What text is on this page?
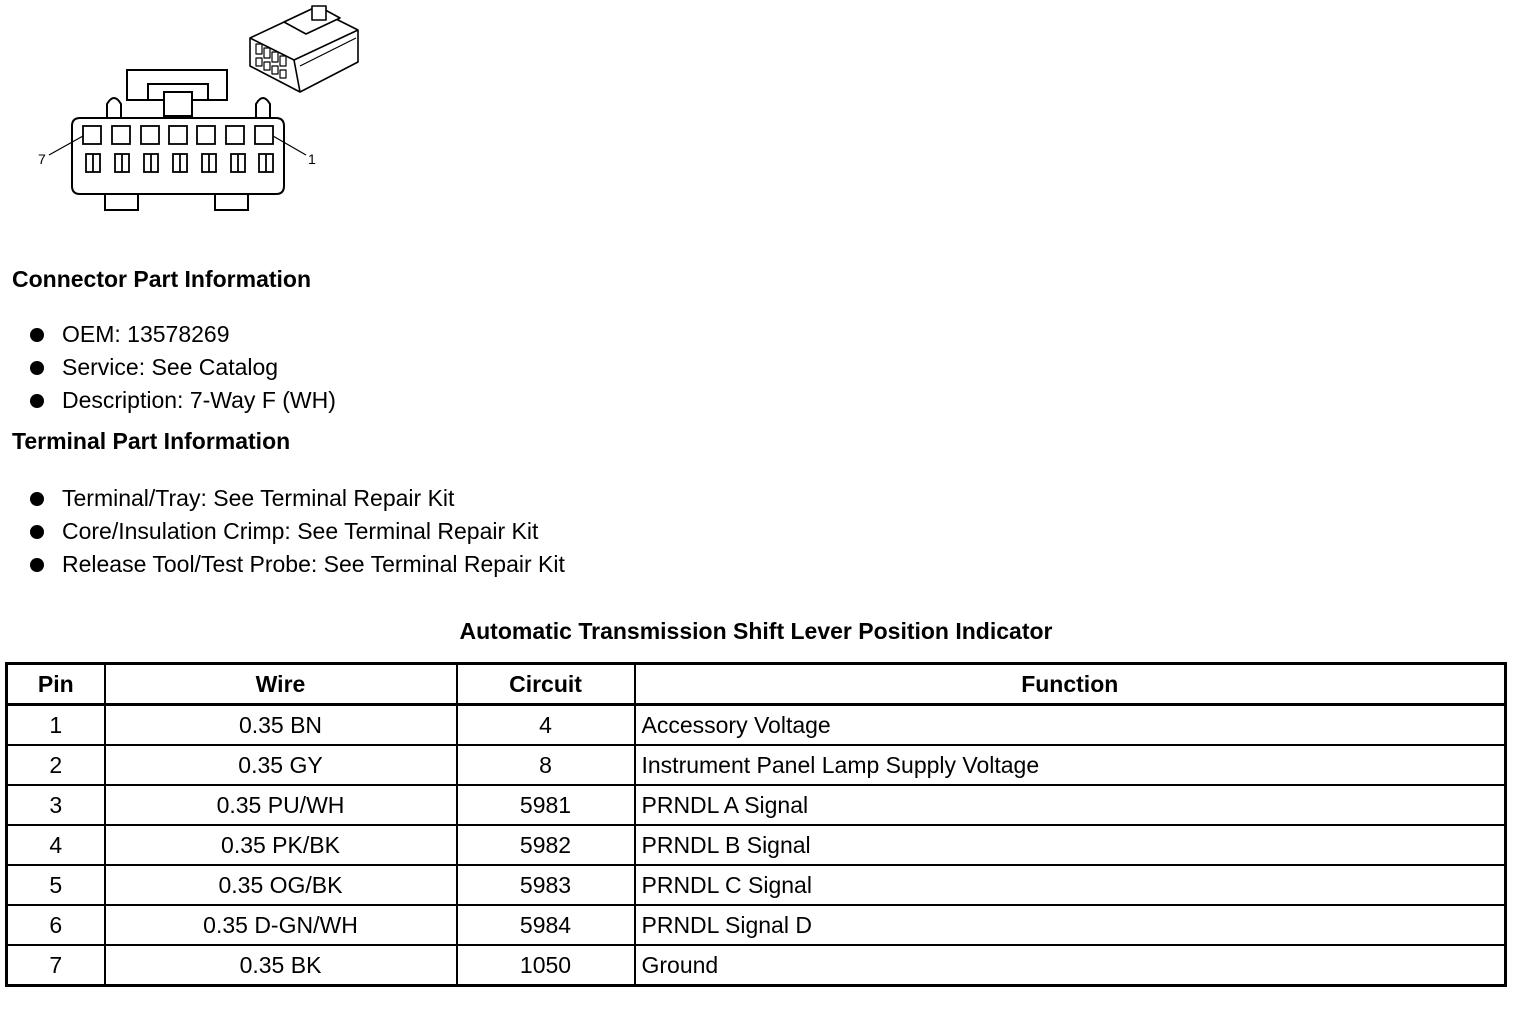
7	1
Connector Part Information
OEM: 13578269
Service: See Catalog
Description: 7-Way F (WH)
Terminal Part Information
Terminal/Tray: See Terminal Repair Kit
Core/Insulation Crimp: See Terminal Repair Kit
Release Tool/Test Probe: See Terminal Repair Kit
Automatic Transmission Shift Lever Position Indicator
Pin	Wire	Circuit	Function
1	0.35 BN	4	Accessory Voltage
2	0.35 GY	8	Instrument Panel Lamp Supply Voltage
3	0.35 PU/WH	5981	PRNDL A Signal
4	0.35 PK/BK	5982	PRNDL B Signal
5	0.35 OG/BK	5983	PRNDL C Signal
6	0.35 D-GN/WH	5984	PRNDL Signal D
7	0.35 BK	1050	Ground
